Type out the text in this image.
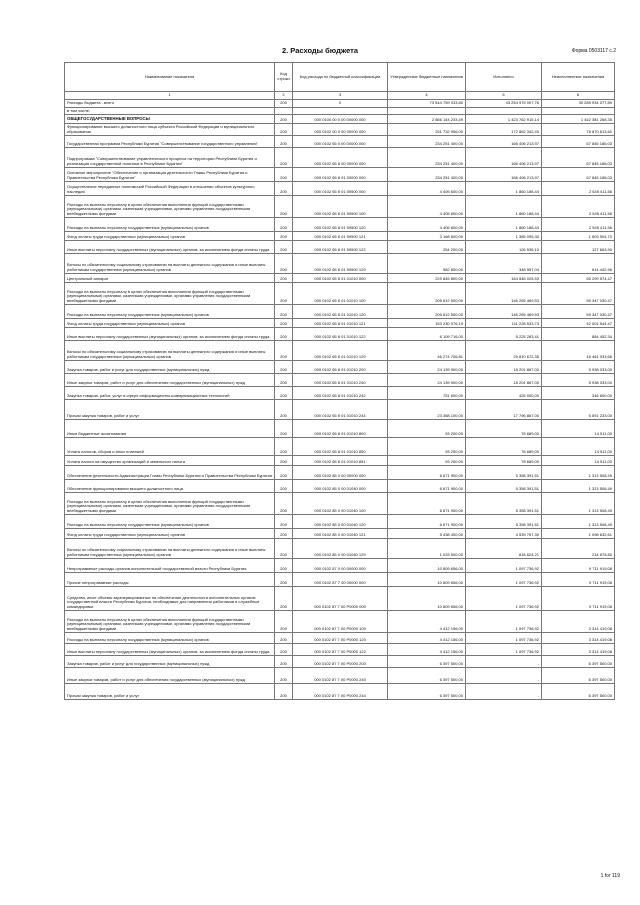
2. Расходы бюджета	Форма 0503117 с.2
Наименование показателя	Код строки	Код расхода по бюджетной классификации	Утвержденные бюджетные назначения	Исполнено	Неисполненные назначения
1	2	3	4	5	6
Расходы бюджета - всего	200	X	73 544 759 033,80	43 254 975 007,76	30 289 934 077,89
в том числе:					
ОБЩЕГОСУДАРСТВЕННЫЕ ВОПРОСЫ	200	000 0100 00 0 00 00000 000	2 866 144 233,49	1 423 762 915,14	1 442 381 268,35
Функционирование высшего должностного лица субъекта Российской Федерации и муниципального образования	200	000 0102 00 0 00 00000 000	251 732 956,00	172 862 342,40	78 870 613,60
Государственная программа Республики Бурятия "Совершенствование государственного управления"	200	000 0102 65 0 00 00000 000	234 251 400,00	166 406 213,97	67 845 186,03
Подпрограмма "Совершенствование управленческого процесса на территории Республики Бурятия и реализация государственной политики в Республике Бурятия"	200	000 0102 65 8 00 00000 000	234 251 400,00	166 406 213,97	67 845 186,03
Основное мероприятие "Обеспечение и организация деятельности Главы Республики Бурятия и Правительства Республики Бурятия"	200	000 0102 65 8 01 00000 000	234 251 400,00	166 406 213,97	67 845 186,03
Осуществление переданных полномочий Российской Федерации в отношении объектов культурного наследия	200	000 0102 65 8 01 59500 000	4 405 600,00	1 860 188,44	2 545 411,56
Расходы на выплаты персоналу в целях обеспечения выполнения функций государственными (муниципальными) органами, казенными учреждениями, органами управления государственными внебюджетными фондами	200	000 0102 65 8 01 59500 100	4 405 600,00	1 860 188,44	2 545 411,56
Расходы на выплаты персоналу государственных (муниципальных) органов	200	000 0102 65 8 01 59500 120	4 405 600,00	1 860 188,44	2 545 411,56
Фонд оплаты труда государственных (муниципальных) органов	200	000 0102 65 8 01 59500 121	3 168 600,00	1 385 095,30	1 803 504,70
Иные выплаты персоналу государственных (муниципальных) органов, за исключением фонда оплаты труда	200	000 0102 65 8 01 59500 122	254 200,00	126 536,10	127 663,90
Взносы по обязательному социальному страхованию на выплаты денежного содержания и иные выплаты работникам государственных (муниципальных) органов	200	000 0102 65 8 01 59500 129	982 800,00	348 557,04	614 442,96
Центральный аппарат	200	000 0102 65 8 01 01010 000	229 845 800,00	164 546 025,53	65 299 574,47
Расходы на выплаты персоналу в целях обеспечения выполнения функций государственными (муниципальными) органами, казенными учреждениями, органами управления государственными внебюджетными фондами	200	000 0102 65 8 01 01010 100	205 612 500,00	146 265 469,53	59 347 030,47
Расходы на выплаты персоналу государственных (муниципальных) органов	200	000 0102 65 8 01 01010 120	205 612 500,00	146 265 469,53	59 347 030,47
Фонд оплаты труда государственных (муниципальных) органов	200	000 0102 65 8 01 01010 121	153 230 076,19	111 228 533,73	42 001 544,47
Иные выплаты персоналу государственных (муниципальных) органов, за исключением фонда оплаты труда	200	000 0102 65 8 01 01010 122	6 109 716,00	5 225 283,41	884 452,34
Взносы по обязательному социальному страхованию на выплаты денежного содержания и иные выплаты работникам государственных (муниципальных) органов	200	000 0102 65 8 01 01010 129	46 274 706,81	29 810 672,35	16 461 033,66
Закупка товаров, работ и услуг для государственных (муниципальных) нужд	200	000 0102 65 8 01 01010 200	24 139 900,00	18 201 867,00	5 938 033,00
Иные закупки товаров, работ и услуг для обеспечения государственных (муниципальных) нужд	200	000 0102 65 8 01 01010 240	24 139 900,00	18 201 867,00	5 938 033,00
Закупка товаров, работ, услуг в сфере информационно-коммуникационных технологий	200	000 0102 65 8 01 01010 242	751 600,00	425 000,00	346 600,00
Прочая закупка товаров, работ и услуг	200	000 0102 65 8 01 01010 244	23 388 100,00	17 796 867,00	5 591 233,00
Иные бюджетные ассигнования	200	000 0102 65 8 01 01010 800	93 200,00	78 689,00	14 511,00
Уплата налогов, сборов и иных платежей	200	000 0102 65 8 01 01010 850	93 200,00	78 689,00	14 511,00
Уплата налога на имущество организаций и земельного налога	200	000 0102 65 8 01 01010 851	93 200,00	78 689,00	14 511,00
Обеспечение деятельности Администрации Главы Республики Бурятия и Правительства Республики Бурятия	200	000 0102 85 0 00 00000 000	6 671 900,00	5 358 391,51	1 313 508,49
Обеспечение функционирования высшего должностного лица	200	000 0102 85 0 00 01040 000	6 671 900,00	5 358 391,51	1 313 508,49
Расходы на выплаты персоналу в целях обеспечения выполнения функций государственными (муниципальными) органами, казенными учреждениями, органами управления государственными внебюджетными фондами	200	000 0102 85 0 00 01040 100	6 671 900,00	5 358 391,51	1 313 508,49
Расходы на выплаты персоналу государственных (муниципальных) органов	200	000 0102 85 0 00 01040 120	6 671 900,00	5 358 391,51	1 313 508,49
Фонд оплаты труда государственных (муниципальных) органов	200	000 0102 85 0 00 01040 121	5 438 400,00	4 539 767,30	1 098 632,61
Взносы по обязательному социальному страхованию на выплаты денежного содержания и иные выплаты работникам государственных (муниципальных) органов	200	000 0102 85 0 00 01040 129	1 033 500,00	818 624,21	214 875,80
Непрограммные расходы органов исполнительной государственной власти Республики Бурятия	200	000 0102 87 0 00 00000 000	10 809 656,00	1 097 736,92	9 711 919,08
Прочие непрограммные расходы	200	000 0102 87 7 00 00000 000	10 809 656,00	1 097 736,92	9 711 919,08
Средства, иные объемы зарезервированные на обеспечение деятельности исполнительных органов государственной власти Республики Бурятия, необходимые для направления работников в служебные командировки	200	000 0102 87 7 00 P0000 000	10 809 656,00	1 097 736,92	9 711 919,08
Расходы на выплаты персоналу в целях обеспечения выполнения функций государственными (муниципальными) органами, казенными учреждениями, органами управления государственными внебюджетными фондами	200	000 0102 87 7 00 P0000 100	4 412 156,00	1 097 736,92	3 314 419,08
Расходы на выплаты персоналу государственных (муниципальных) органов	200	000 0102 87 7 00 P0000 120	4 412 156,00	1 097 736,92	3 314 419,08
Иные выплаты персоналу государственных (муниципальных) органов, за исключением фонда оплаты труда	200	000 0102 87 7 00 P0000 122	4 412 156,00	1 097 736,92	3 314 419,08
Закупка товаров, работ и услуг для государственных (муниципальных) нужд	200	000 0102 87 7 00 P0000 200	6 397 500,00	-	6 397 500,00
Иные закупки товаров, работ и услуг для обеспечения государственных (муниципальных) нужд	200	000 0102 87 7 00 P0000 240	6 397 500,00	-	6 397 500,00
Прочая закупка товаров, работ и услуг	200	000 0102 87 7 00 P0000 244	6 397 500,00	-	6 397 500,00
1 for 119
